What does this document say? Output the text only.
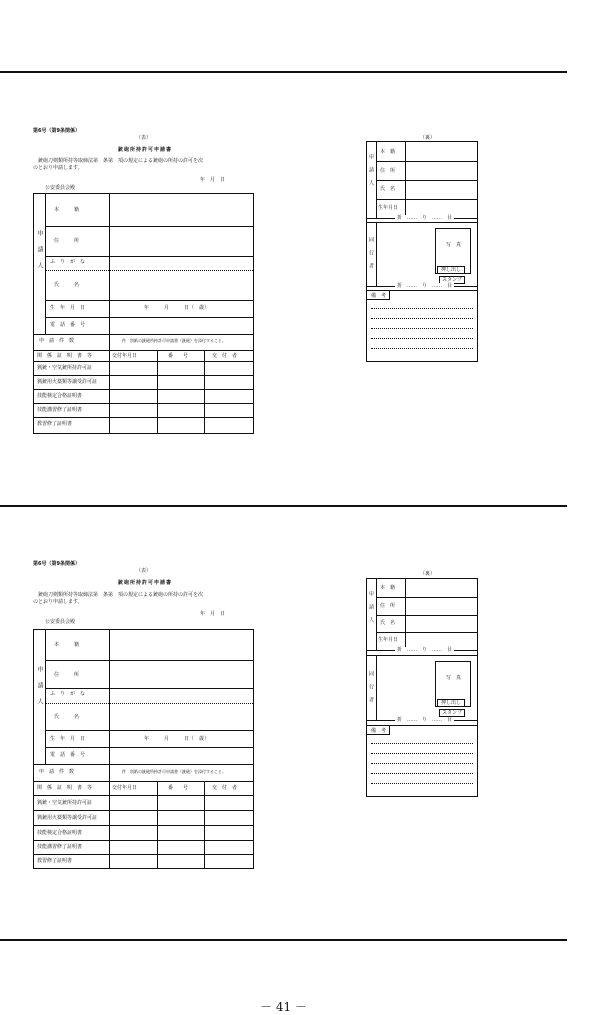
第6号（第9条関係）
（表）
銃砲所持許可申請書
銃砲刀剣類所持等取締法第　条第　項の規定による銃砲の所持の許可を次
のとおり申請します。
年　月　日
公安委員会殿
申請人
本　　　籍
住　　　所
ふ　り　が　な
氏　　　名
生　年　月　日	年　　　月　　　日（　歳）
電　話　番　号
申　請　件　数	件　別紙の銃砲所持許可申請書（銃砲）を添付すること。
関　係　証　明　書　等	交付年月日	番　　号	交　付　者
猟銃・空気銃所持許可証
猟銃用火薬類等譲受許可証
技能検定合格証明書
技能講習修了証明書
教習修了証明書
（裏）
申請人
本　籍
住　所
氏　名
生年月日
折　……　り　……　目
同行者	写　真
押し出し
スタンプ
折　……　り　……　目
備　考
第6号（第9条関係）
（表）
銃砲所持許可申請書
銃砲刀剣類所持等取締法第　条第　項の規定による銃砲の所持の許可を次
のとおり申請します。
年　月　日
公安委員会殿
申請人
本　　　籍
住　　　所
ふ　り　が　な
氏　　　名
生　年　月　日	年　　　月　　　日（　歳）
電　話　番　号
申　請　件　数	件　別紙の銃砲所持許可申請書（銃砲）を添付すること。
関　係　証　明　書　等	交付年月日	番　　号	交　付　者
猟銃・空気銃所持許可証
猟銃用火薬類等譲受許可証
技能検定合格証明書
技能講習修了証明書
教習修了証明書
（裏）
申請人
本　籍
住　所
氏　名
生年月日
折　……　り　……　目
同行者	写　真
押し出し
スタンプ
折　……　り　……　目
備　考
－ 41 －
